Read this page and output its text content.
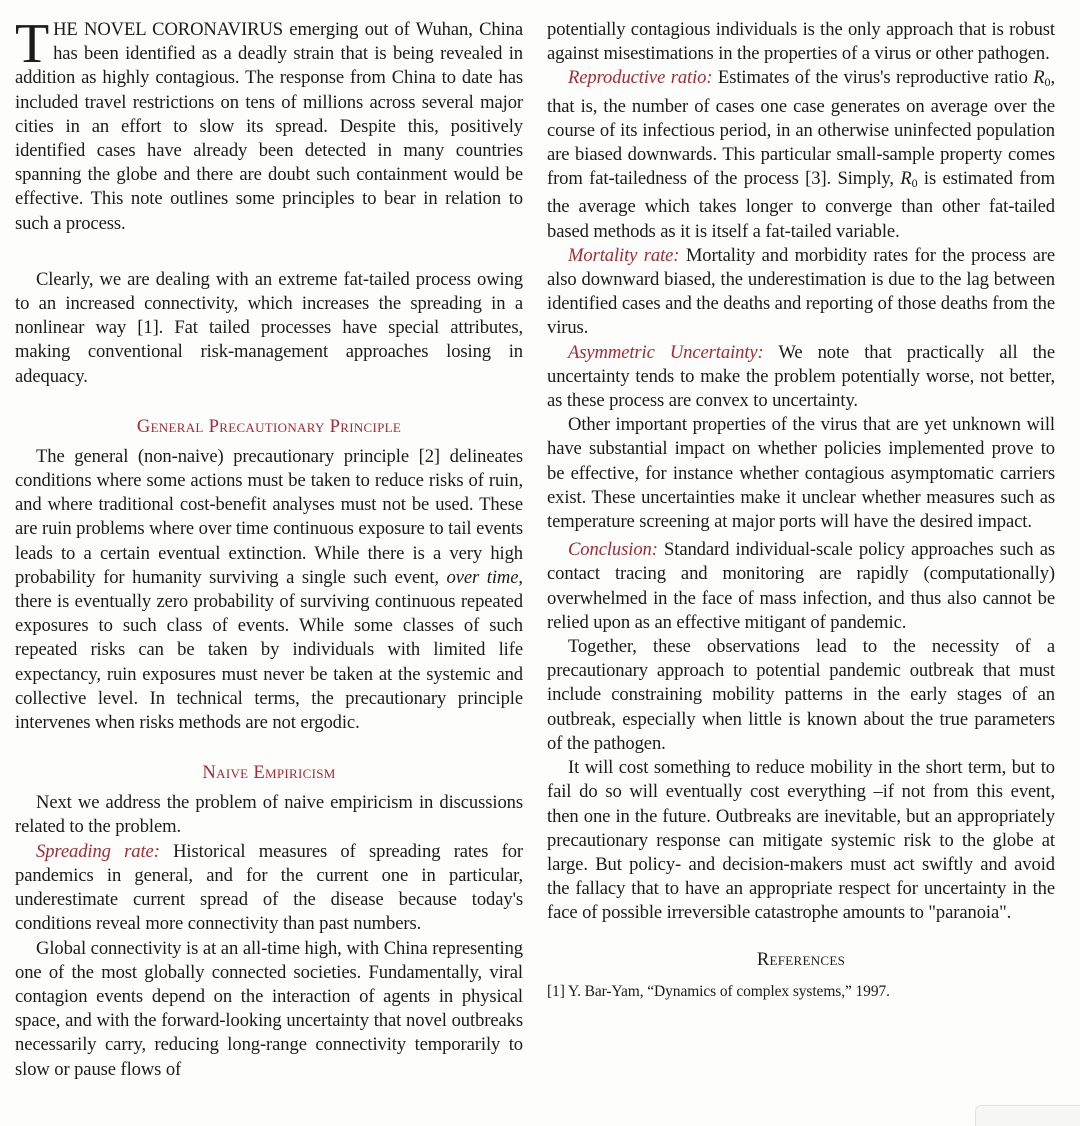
THE NOVEL CORONAVIRUS emerging out of Wuhan, China has been identified as a deadly strain that is being revealed in addition as highly contagious. The response from China to date has included travel restrictions on tens of millions across several major cities in an effort to slow its spread. Despite this, positively identified cases have already been detected in many countries spanning the globe and there are doubt such containment would be effective. This note outlines some principles to bear in relation to such a process.

Clearly, we are dealing with an extreme fat-tailed process owing to an increased connectivity, which increases the spreading in a nonlinear way [1]. Fat tailed processes have special attributes, making conventional risk-management approaches losing in adequacy.

General Precautionary Principle

The general (non-naive) precautionary principle [2] delineates conditions where some actions must be taken to reduce risks of ruin, and where traditional cost-benefit analyses must not be used. These are ruin problems where over time continuous exposure to tail events leads to a certain eventual extinction. While there is a very high probability for humanity surviving a single such event, over time, there is eventually zero probability of surviving continuous repeated exposures to such class of events. While some classes of such repeated risks can be taken by individuals with limited life expectancy, ruin exposures must never be taken at the systemic and collective level. In technical terms, the precautionary principle intervenes when risks methods are not ergodic.

Naive Empiricism

Next we address the problem of naive empiricism in discussions related to the problem.

Spreading rate: Historical measures of spreading rates for pandemics in general, and for the current one in particular, underestimate current spread of the disease because today's conditions reveal more connectivity than past numbers.

Global connectivity is at an all-time high, with China representing one of the most globally connected societies. Fundamentally, viral contagion events depend on the interaction of agents in physical space, and with the forward-looking uncertainty that novel outbreaks necessarily carry, reducing long-range connectivity temporarily to slow or pause flows of

potentially contagious individuals is the only approach that is robust against misestimations in the properties of a virus or other pathogen.

Reproductive ratio: Estimates of the virus's reproductive ratio $R_0$, that is, the number of cases one case generates on average over the course of its infectious period, in an otherwise uninfected population are biased downwards. This particular small-sample property comes from fat-tailedness of the process [3]. Simply, $R_0$ is estimated from the average which takes longer to converge than other fat-tailed based methods as it is itself a fat-tailed variable.

Mortality rate: Mortality and morbidity rates for the process are also downward biased, the underestimation is due to the lag between identified cases and the deaths and reporting of those deaths from the virus.

Asymmetric Uncertainty: We note that practically all the uncertainty tends to make the problem potentially worse, not better, as these process are convex to uncertainty.

Other important properties of the virus that are yet unknown will have substantial impact on whether policies implemented prove to be effective, for instance whether contagious asymptomatic carriers exist. These uncertainties make it unclear whether measures such as temperature screening at major ports will have the desired impact.

Conclusion: Standard individual-scale policy approaches such as contact tracing and monitoring are rapidly (computationally) overwhelmed in the face of mass infection, and thus also cannot be relied upon as an effective mitigant of pandemic.

Together, these observations lead to the necessity of a precautionary approach to potential pandemic outbreak that must include constraining mobility patterns in the early stages of an outbreak, especially when little is known about the true parameters of the pathogen.

It will cost something to reduce mobility in the short term, but to fail do so will eventually cost everything –if not from this event, then one in the future. Outbreaks are inevitable, but an appropriately precautionary response can mitigate systemic risk to the globe at large. But policy- and decision-makers must act swiftly and avoid the fallacy that to have an appropriate respect for uncertainty in the face of possible irreversible catastrophe amounts to "paranoia".

References

[1] Y. Bar-Yam, “Dynamics of complex systems,” 1997.
